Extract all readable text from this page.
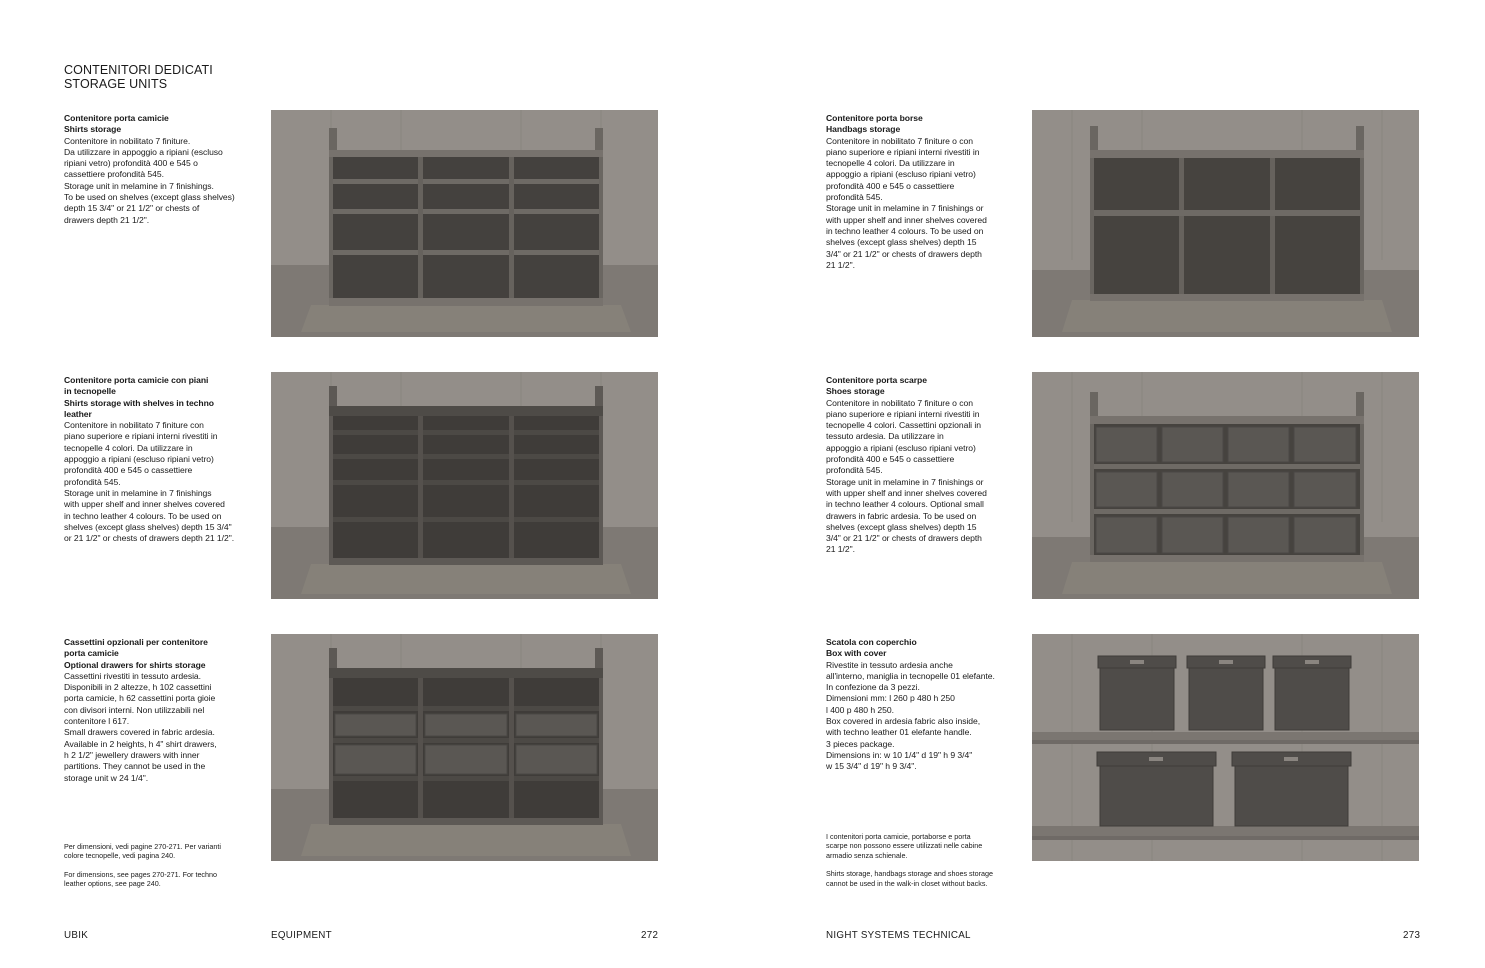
CONTENITORI DEDICATI
STORAGE UNITS
Contenitore porta camicie
Shirts storage
Contenitore in nobilitato 7 finiture.
Da utilizzare in appoggio a ripiani (escluso
ripiani vetro) profondità 400 e 545 o
cassettiere profondità 545.
Storage unit in melamine in 7 finishings.
To be used on shelves (except glass shelves)
depth 15 3/4" or 21 1/2" or chests of
drawers depth 21 1/2".
Contenitore porta camicie con piani
in tecnopelle
Shirts storage with shelves in techno
leather
Contenitore in nobilitato 7 finiture con
piano superiore e ripiani interni rivestiti in
tecnopelle 4 colori. Da utilizzare in
appoggio a ripiani (escluso ripiani vetro)
profondità 400 e 545 o cassettiere
profondità 545.
Storage unit in melamine in 7 finishings
with upper shelf and inner shelves covered
in techno leather 4 colours. To be used on
shelves (except glass shelves) depth 15 3/4"
or 21 1/2" or chests of drawers depth 21 1/2".
Cassettini opzionali per contenitore
porta camicie
Optional drawers for shirts storage
Cassettini rivestiti in tessuto ardesia.
Disponibili in 2 altezze, h 102 cassettini
porta camicie, h 62 cassettini porta gioie
con divisori interni. Non utilizzabili nel
contenitore l 617.
Small drawers covered in fabric ardesia.
Available in 2 heights, h 4" shirt drawers,
h 2 1/2" jewellery drawers with inner
partitions. They cannot be used in the
storage unit w 24 1/4".
Per dimensioni, vedi pagine 270-271. Per varianti
colore tecnopelle, vedi pagina 240.
For dimensions, see pages 270-271. For techno
leather options, see page 240.
Contenitore porta borse
Handbags storage
Contenitore in nobilitato 7 finiture o con
piano superiore e ripiani interni rivestiti in
tecnopelle 4 colori. Da utilizzare in
appoggio a ripiani (escluso ripiani vetro)
profondità 400 e 545 o cassettiere
profondità 545.
Storage unit in melamine in 7 finishings or
with upper shelf and inner shelves covered
in techno leather 4 colours. To be used on
shelves (except glass shelves) depth 15
3/4" or 21 1/2" or chests of drawers depth
21 1/2".
Contenitore porta scarpe
Shoes storage
Contenitore in nobilitato 7 finiture o con
piano superiore e ripiani interni rivestiti in
tecnopelle 4 colori. Cassettini opzionali in
tessuto ardesia. Da utilizzare in
appoggio a ripiani (escluso ripiani vetro)
profondità 400 e 545 o cassettiere
profondità 545.
Storage unit in melamine in 7 finishings or
with upper shelf and inner shelves covered
in techno leather 4 colours. Optional small
drawers in fabric ardesia. To be used on
shelves (except glass shelves) depth 15
3/4" or 21 1/2" or chests of drawers depth
21 1/2".
Scatola con coperchio
Box with cover
Rivestite in tessuto ardesia anche
all'interno, maniglia in tecnopelle 01 elefante.
In confezione da 3 pezzi.
Dimensioni mm: l 260 p 480 h 250
l 400 p 480 h 250.
Box covered in ardesia fabric also inside,
with techno leather 01 elefante handle.
3 pieces package.
Dimensions in: w 10 1/4" d 19" h 9 3/4"
w 15 3/4" d 19" h 9 3/4".
I contenitori porta camicie, portaborse e porta
scarpe non possono essere utilizzati nelle cabine
armadio senza schienale.
Shirts storage, handbags storage and shoes storage
cannot be used in the walk-in closet without backs.
UBIK	EQUIPMENT	272	NIGHT SYSTEMS TECHNICAL	273
